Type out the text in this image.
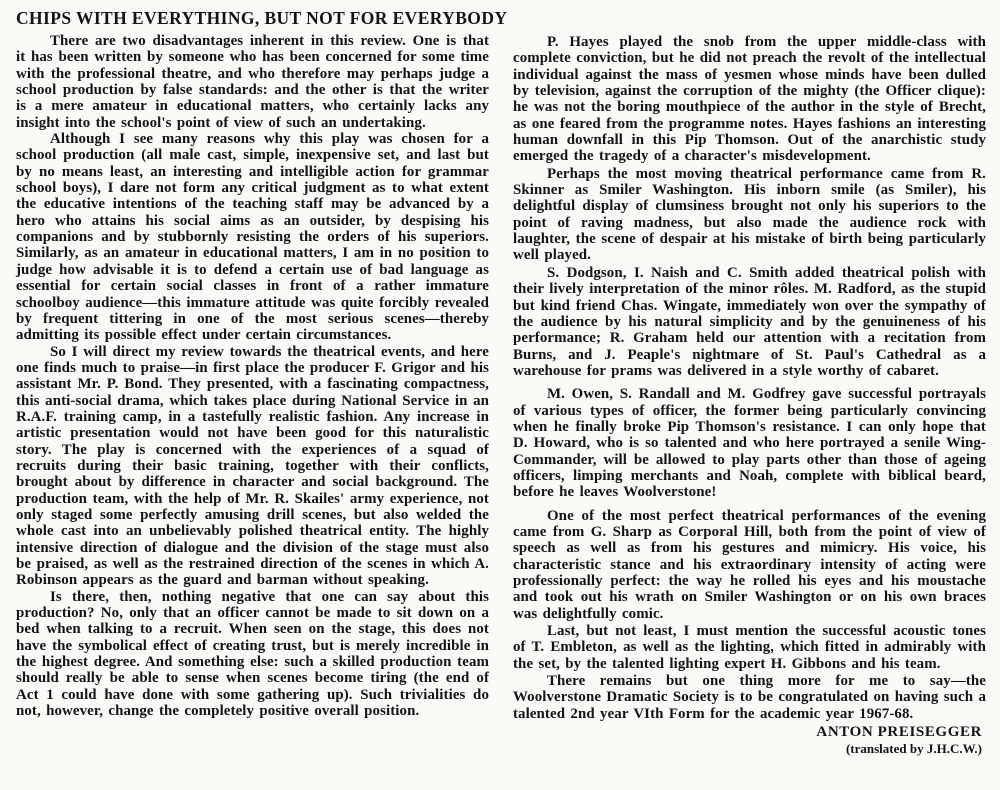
CHIPS WITH EVERYTHING, BUT NOT FOR EVERYBODY

There are two disadvantages inherent in this review. One is that it has been written by someone who has been concerned for some time with the professional theatre, and who therefore may perhaps judge a school production by false standards: and the other is that the writer is a mere amateur in educational matters, who certainly lacks any insight into the school's point of view of such an undertaking.

Although I see many reasons why this play was chosen for a school production (all male cast, simple, inexpensive set, and last but by no means least, an interesting and intelligible action for grammar school boys), I dare not form any critical judgment as to what extent the educative intentions of the teaching staff may be advanced by a hero who attains his social aims as an outsider, by despising his companions and by stubbornly resisting the orders of his superiors. Similarly, as an amateur in educational matters, I am in no position to judge how advisable it is to defend a certain use of bad language as essential for certain social classes in front of a rather immature schoolboy audience—this immature attitude was quite forcibly revealed by frequent tittering in one of the most serious scenes—thereby admitting its possible effect under certain circumstances.

So I will direct my review towards the theatrical events, and here one finds much to praise—in first place the producer F. Grigor and his assistant Mr. P. Bond. They presented, with a fascinating compactness, this anti-social drama, which takes place during National Service in an R.A.F. training camp, in a tastefully realistic fashion. Any increase in artistic presentation would not have been good for this naturalistic story. The play is concerned with the experiences of a squad of recruits during their basic training, together with their conflicts, brought about by difference in character and social background. The production team, with the help of Mr. R. Skailes' army experience, not only staged some perfectly amusing drill scenes, but also welded the whole cast into an unbelievably polished theatrical entity. The highly intensive direction of dialogue and the division of the stage must also be praised, as well as the restrained direction of the scenes in which A. Robinson appears as the guard and barman without speaking.

Is there, then, nothing negative that one can say about this production? No, only that an officer cannot be made to sit down on a bed when talking to a recruit. When seen on the stage, this does not have the symbolical effect of creating trust, but is merely incredible in the highest degree. And something else: such a skilled production team should really be able to sense when scenes become tiring (the end of Act 1 could have done with some gathering up). Such trivialities do not, however, change the completely positive overall position.

P. Hayes played the snob from the upper middle-class with complete conviction, but he did not preach the revolt of the intellectual individual against the mass of yesmen whose minds have been dulled by television, against the corruption of the mighty (the Officer clique): he was not the boring mouthpiece of the author in the style of Brecht, as one feared from the programme notes. Hayes fashions an interesting human downfall in this Pip Thomson. Out of the anarchistic study emerged the tragedy of a character's misdevelopment.

Perhaps the most moving theatrical performance came from R. Skinner as Smiler Washington. His inborn smile (as Smiler), his delightful display of clumsiness brought not only his superiors to the point of raving madness, but also made the audience rock with laughter, the scene of despair at his mistake of birth being particularly well played.

S. Dodgson, I. Naish and C. Smith added theatrical polish with their lively interpretation of the minor rôles. M. Radford, as the stupid but kind friend Chas. Wingate, immediately won over the sympathy of the audience by his natural simplicity and by the genuineness of his performance; R. Graham held our attention with a recitation from Burns, and J. Peaple's nightmare of St. Paul's Cathedral as a warehouse for prams was delivered in a style worthy of cabaret.

M. Owen, S. Randall and M. Godfrey gave successful portrayals of various types of officer, the former being particularly convincing when he finally broke Pip Thomson's resistance. I can only hope that D. Howard, who is so talented and who here portrayed a senile Wing-Commander, will be allowed to play parts other than those of ageing officers, limping merchants and Noah, complete with biblical beard, before he leaves Woolverstone!

One of the most perfect theatrical performances of the evening came from G. Sharp as Corporal Hill, both from the point of view of speech as well as from his gestures and mimicry. His voice, his characteristic stance and his extraordinary intensity of acting were professionally perfect: the way he rolled his eyes and his moustache and took out his wrath on Smiler Washington or on his own braces was delightfully comic.

Last, but not least, I must mention the successful acoustic tones of T. Embleton, as well as the lighting, which fitted in admirably with the set, by the talented lighting expert H. Gibbons and his team.

There remains but one thing more for me to say—the Woolverstone Dramatic Society is to be congratulated on having such a talented 2nd year VIth Form for the academic year 1967-68.

ANTON PREISEGGER
(translated by J.H.C.W.)
